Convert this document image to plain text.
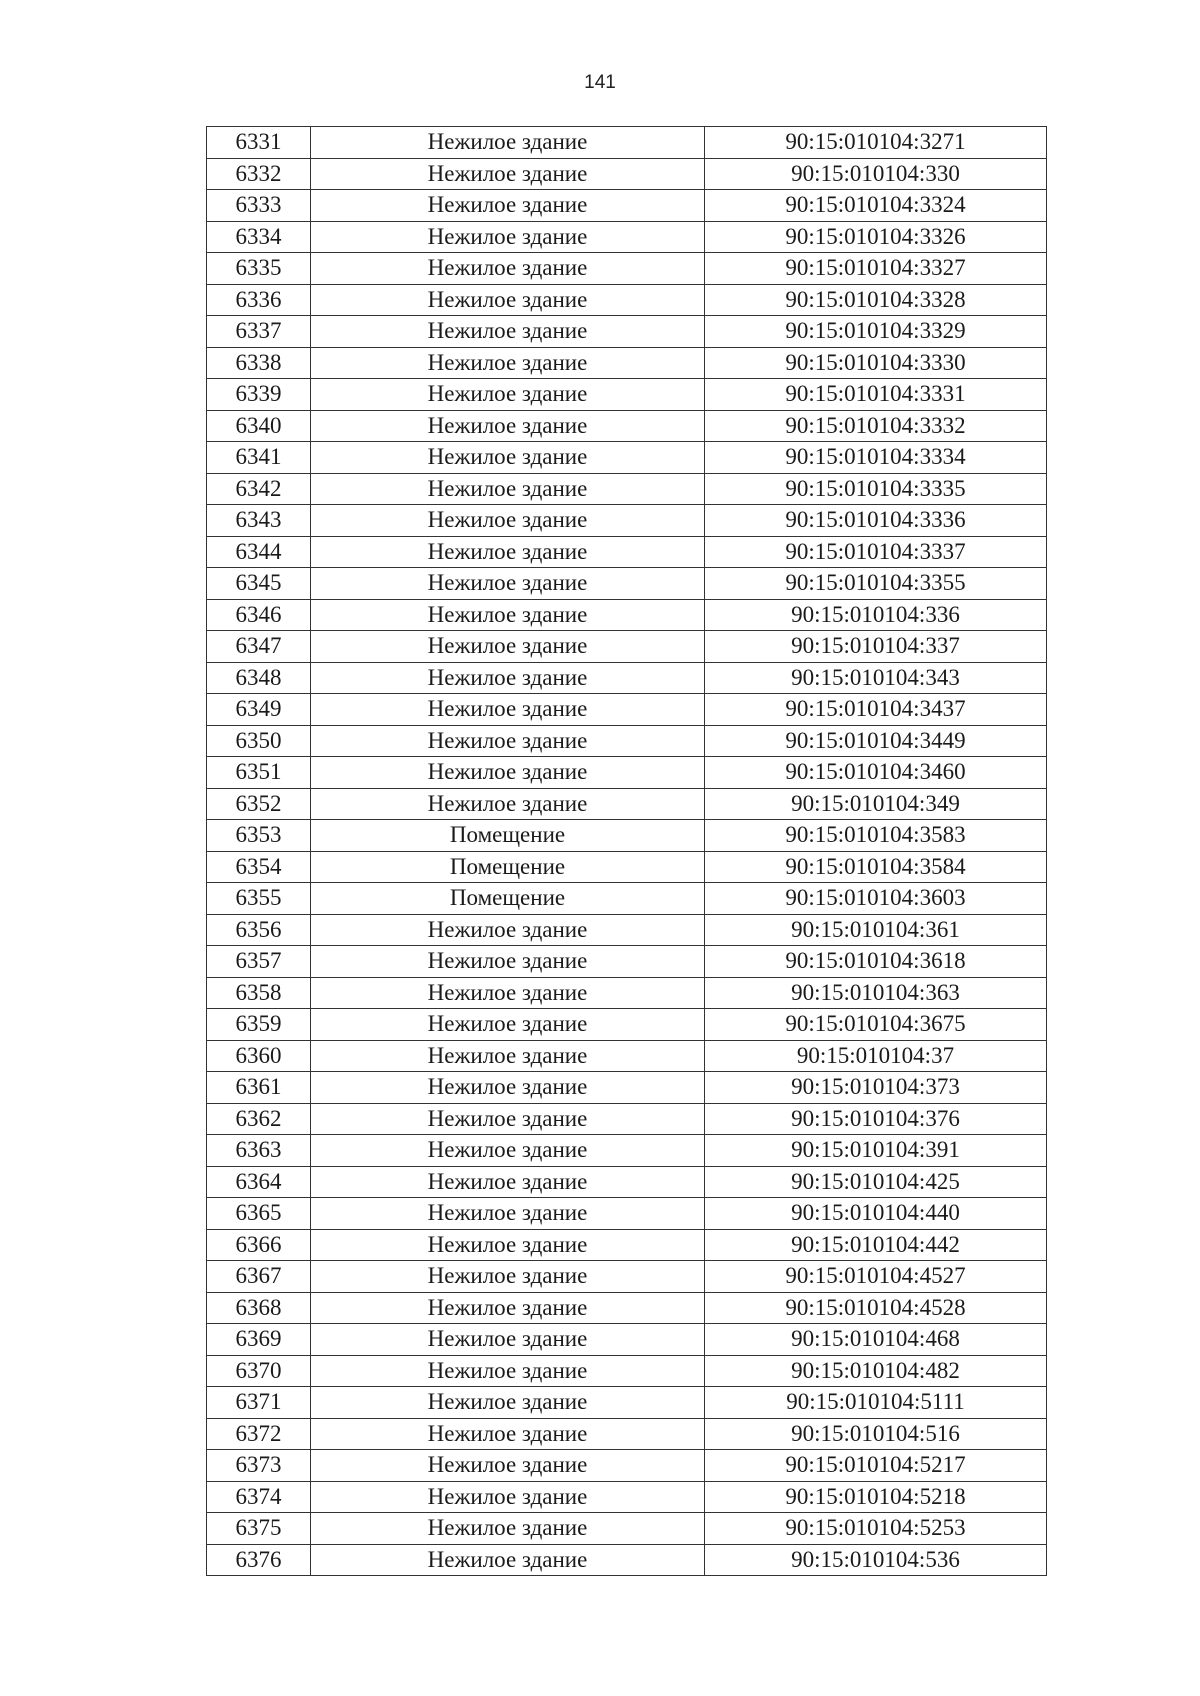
141
6331	Нежилое здание	90:15:010104:3271
6332	Нежилое здание	90:15:010104:330
6333	Нежилое здание	90:15:010104:3324
6334	Нежилое здание	90:15:010104:3326
6335	Нежилое здание	90:15:010104:3327
6336	Нежилое здание	90:15:010104:3328
6337	Нежилое здание	90:15:010104:3329
6338	Нежилое здание	90:15:010104:3330
6339	Нежилое здание	90:15:010104:3331
6340	Нежилое здание	90:15:010104:3332
6341	Нежилое здание	90:15:010104:3334
6342	Нежилое здание	90:15:010104:3335
6343	Нежилое здание	90:15:010104:3336
6344	Нежилое здание	90:15:010104:3337
6345	Нежилое здание	90:15:010104:3355
6346	Нежилое здание	90:15:010104:336
6347	Нежилое здание	90:15:010104:337
6348	Нежилое здание	90:15:010104:343
6349	Нежилое здание	90:15:010104:3437
6350	Нежилое здание	90:15:010104:3449
6351	Нежилое здание	90:15:010104:3460
6352	Нежилое здание	90:15:010104:349
6353	Помещение	90:15:010104:3583
6354	Помещение	90:15:010104:3584
6355	Помещение	90:15:010104:3603
6356	Нежилое здание	90:15:010104:361
6357	Нежилое здание	90:15:010104:3618
6358	Нежилое здание	90:15:010104:363
6359	Нежилое здание	90:15:010104:3675
6360	Нежилое здание	90:15:010104:37
6361	Нежилое здание	90:15:010104:373
6362	Нежилое здание	90:15:010104:376
6363	Нежилое здание	90:15:010104:391
6364	Нежилое здание	90:15:010104:425
6365	Нежилое здание	90:15:010104:440
6366	Нежилое здание	90:15:010104:442
6367	Нежилое здание	90:15:010104:4527
6368	Нежилое здание	90:15:010104:4528
6369	Нежилое здание	90:15:010104:468
6370	Нежилое здание	90:15:010104:482
6371	Нежилое здание	90:15:010104:5111
6372	Нежилое здание	90:15:010104:516
6373	Нежилое здание	90:15:010104:5217
6374	Нежилое здание	90:15:010104:5218
6375	Нежилое здание	90:15:010104:5253
6376	Нежилое здание	90:15:010104:536
